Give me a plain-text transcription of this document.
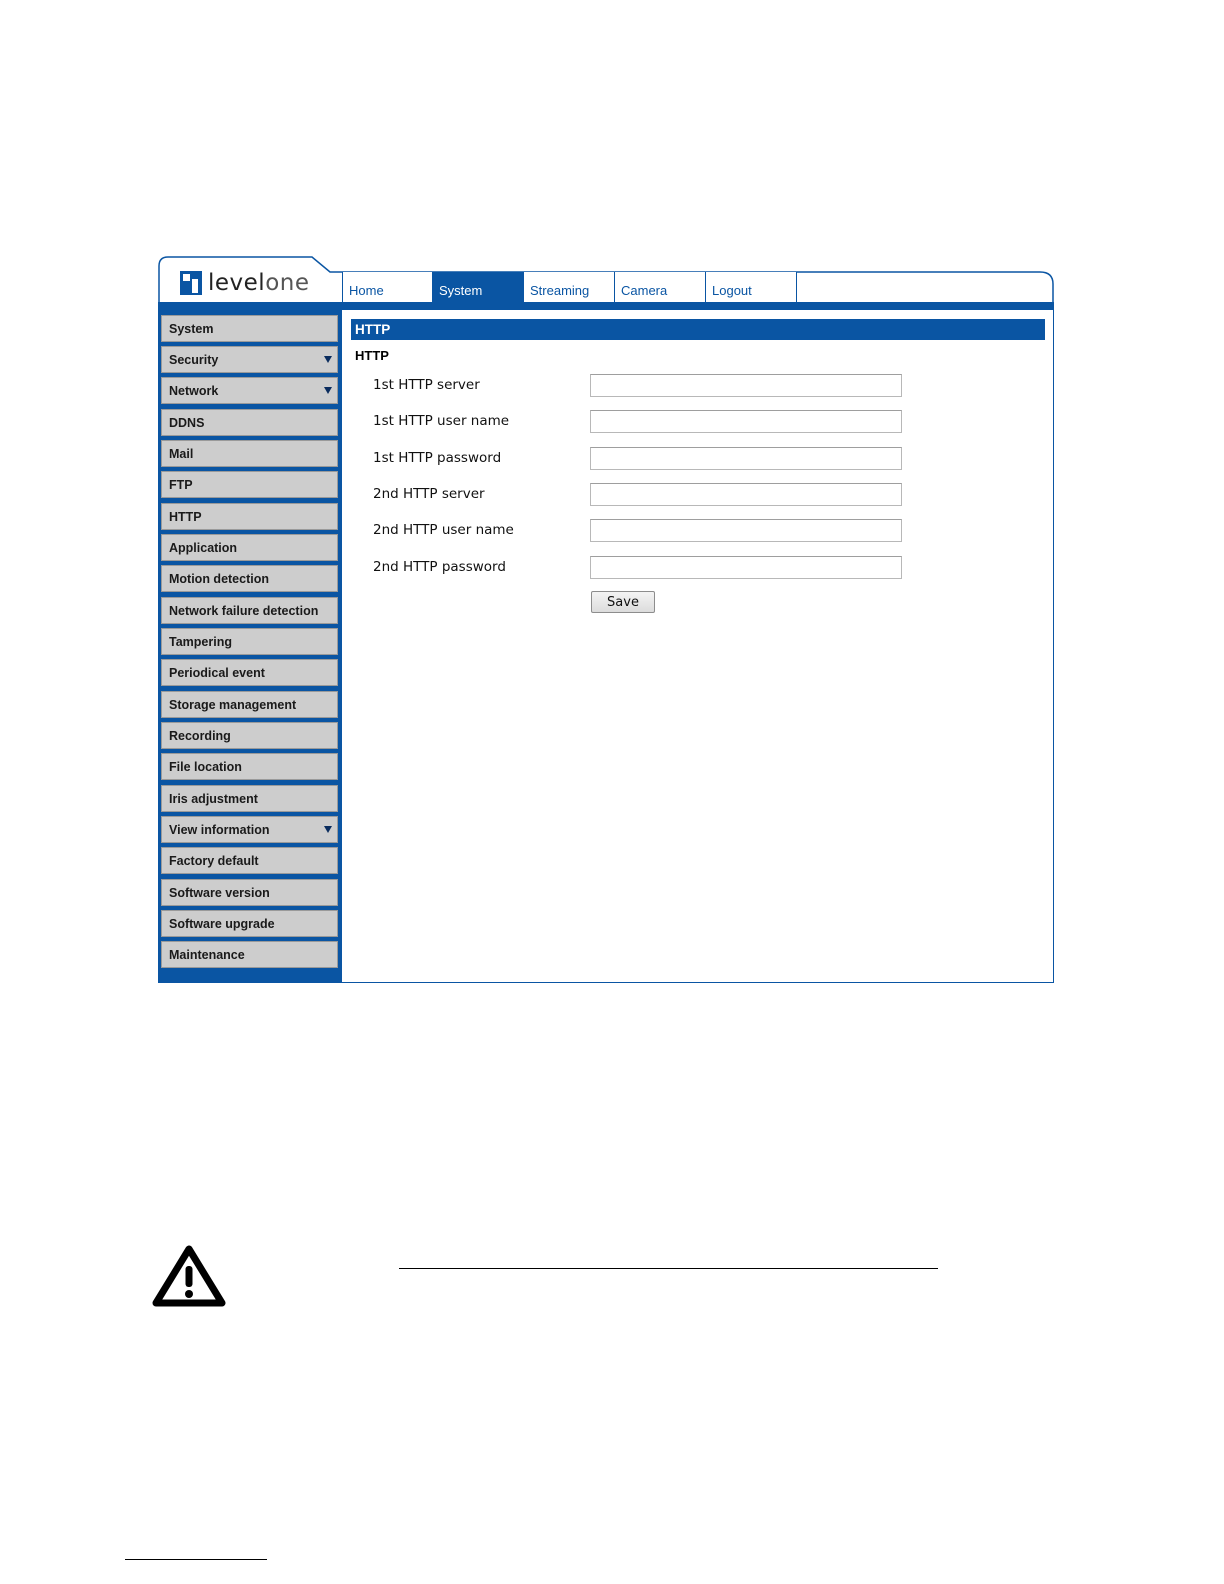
levelone	Home	System	Streaming	Camera	Logout
System
Security
Network
DDNS
Mail
FTP
HTTP
Application
Motion detection
Network failure detection
Tampering
Periodical event
Storage management
Recording
File location
Iris adjustment
View information
Factory default
Software version
Software upgrade
Maintenance
HTTP
HTTP
1st HTTP server
1st HTTP user name
1st HTTP password
2nd HTTP server
2nd HTTP user name
2nd HTTP password
Save
